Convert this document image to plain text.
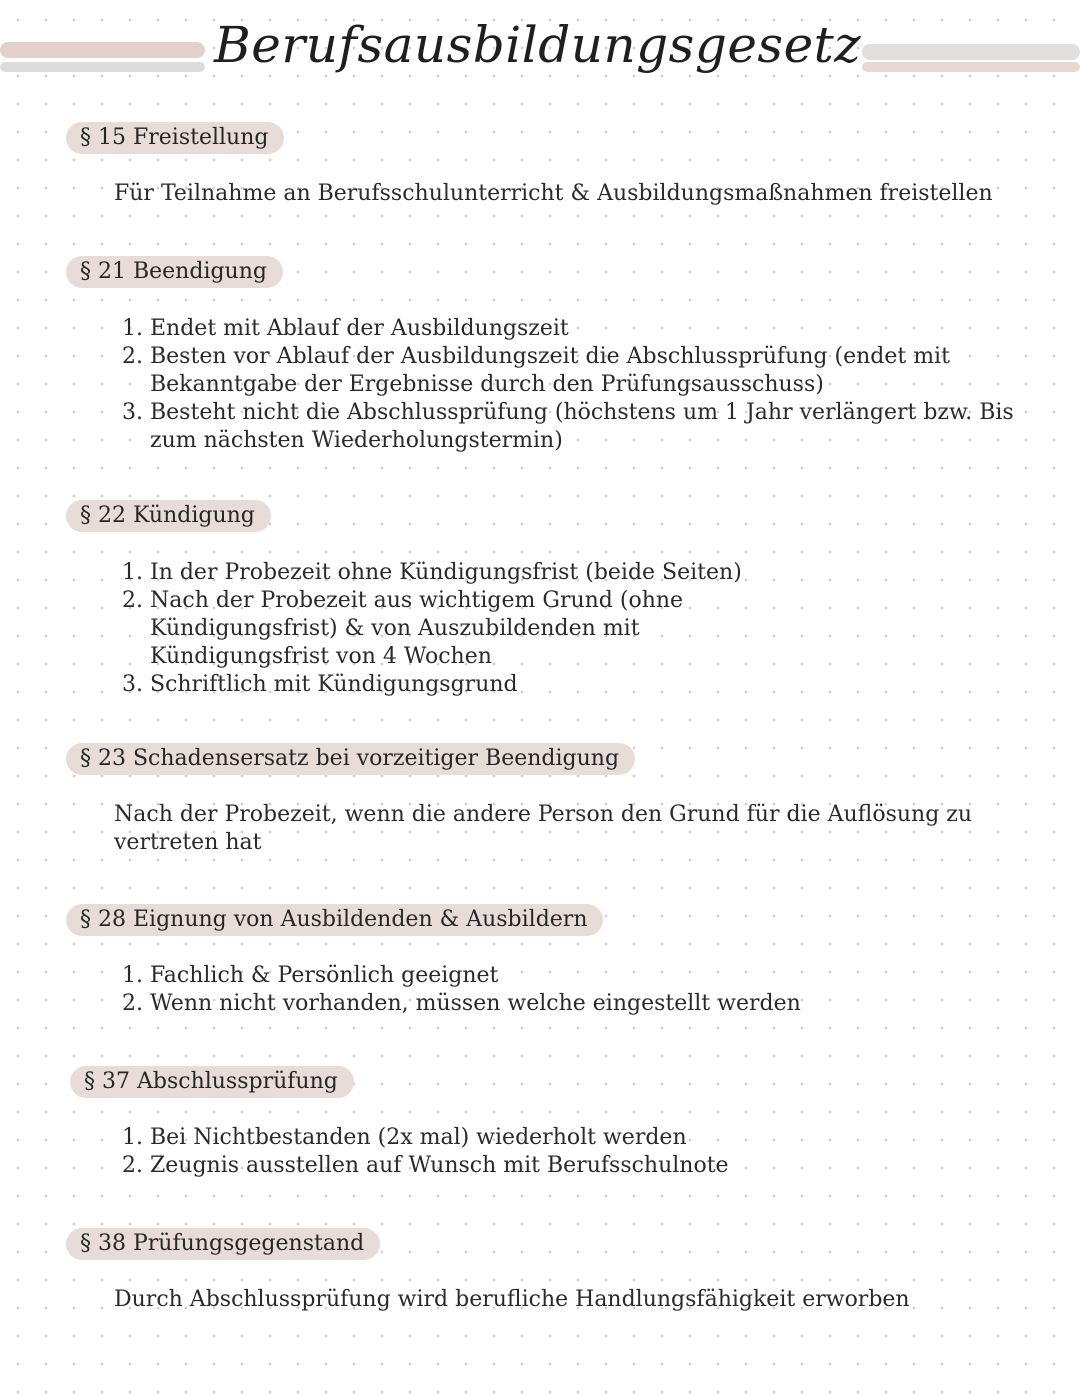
Berufsausbildungsgesetz
§ 15 Freistellung

Für Teilnahme an Berufsschulunterricht & Ausbildungsmaßnahmen freistellen

§ 21 Beendigung
1. Endet mit Ablauf der Ausbildungszeit
2. Besten vor Ablauf der Ausbildungszeit die Abschlussprüfung (endet mit Bekanntgabe der Ergebnisse durch den Prüfungsausschuss)
3. Besteht nicht die Abschlussprüfung (höchstens um 1 Jahr verlängert bzw. Bis zum nächsten Wiederholungstermin)
§ 22 Kündigung
1. In der Probezeit ohne Kündigungsfrist (beide Seiten)
2. Nach der Probezeit aus wichtigem Grund (ohne Kündigungsfrist) & von Auszubildenden mit Kündigungsfrist von 4 Wochen
3. Schriftlich mit Kündigungsgrund
§ 23 Schadensersatz bei vorzeitiger Beendigung

Nach der Probezeit, wenn die andere Person den Grund für die Auflösung zu vertreten hat

§ 28 Eignung von Ausbildenden & Ausbildern
1. Fachlich & Persönlich geeignet
2. Wenn nicht vorhanden, müssen welche eingestellt werden
§ 37 Abschlussprüfung
1. Bei Nichtbestanden (2x mal) wiederholt werden
2. Zeugnis ausstellen auf Wunsch mit Berufsschulnote
§ 38 Prüfungsgegenstand

Durch Abschlussprüfung wird berufliche Handlungsfähigkeit erworben
